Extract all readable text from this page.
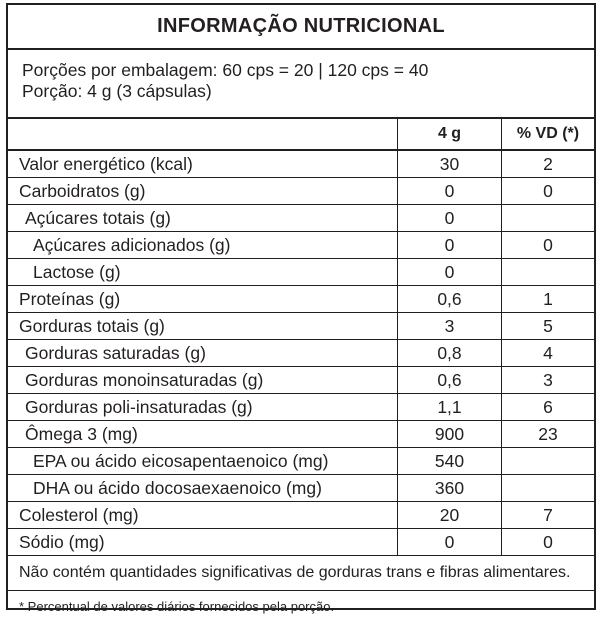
INFORMAÇÃO NUTRICIONAL
Porções por embalagem: 60 cps = 20 | 120 cps = 40
Porção: 4 g (3 cápsulas)
4 g	% VD (*)
Valor energético (kcal)	30	2
Carboidratos (g)	0	0
Açúcares totais (g)	0
Açúcares adicionados (g)	0	0
Lactose (g)	0
Proteínas (g)	0,6	1
Gorduras totais (g)	3	5
Gorduras saturadas (g)	0,8	4
Gorduras monoinsaturadas (g)	0,6	3
Gorduras poli-insaturadas (g)	1,1	6
Ômega 3 (mg)	900	23
EPA ou ácido eicosapentaenoico (mg)	540
DHA ou ácido docosaexaenoico (mg)	360
Colesterol (mg)	20	7
Sódio (mg)	0	0
Não contém quantidades significativas de gorduras trans e fibras alimentares.
* Percentual de valores diários fornecidos pela porção.
